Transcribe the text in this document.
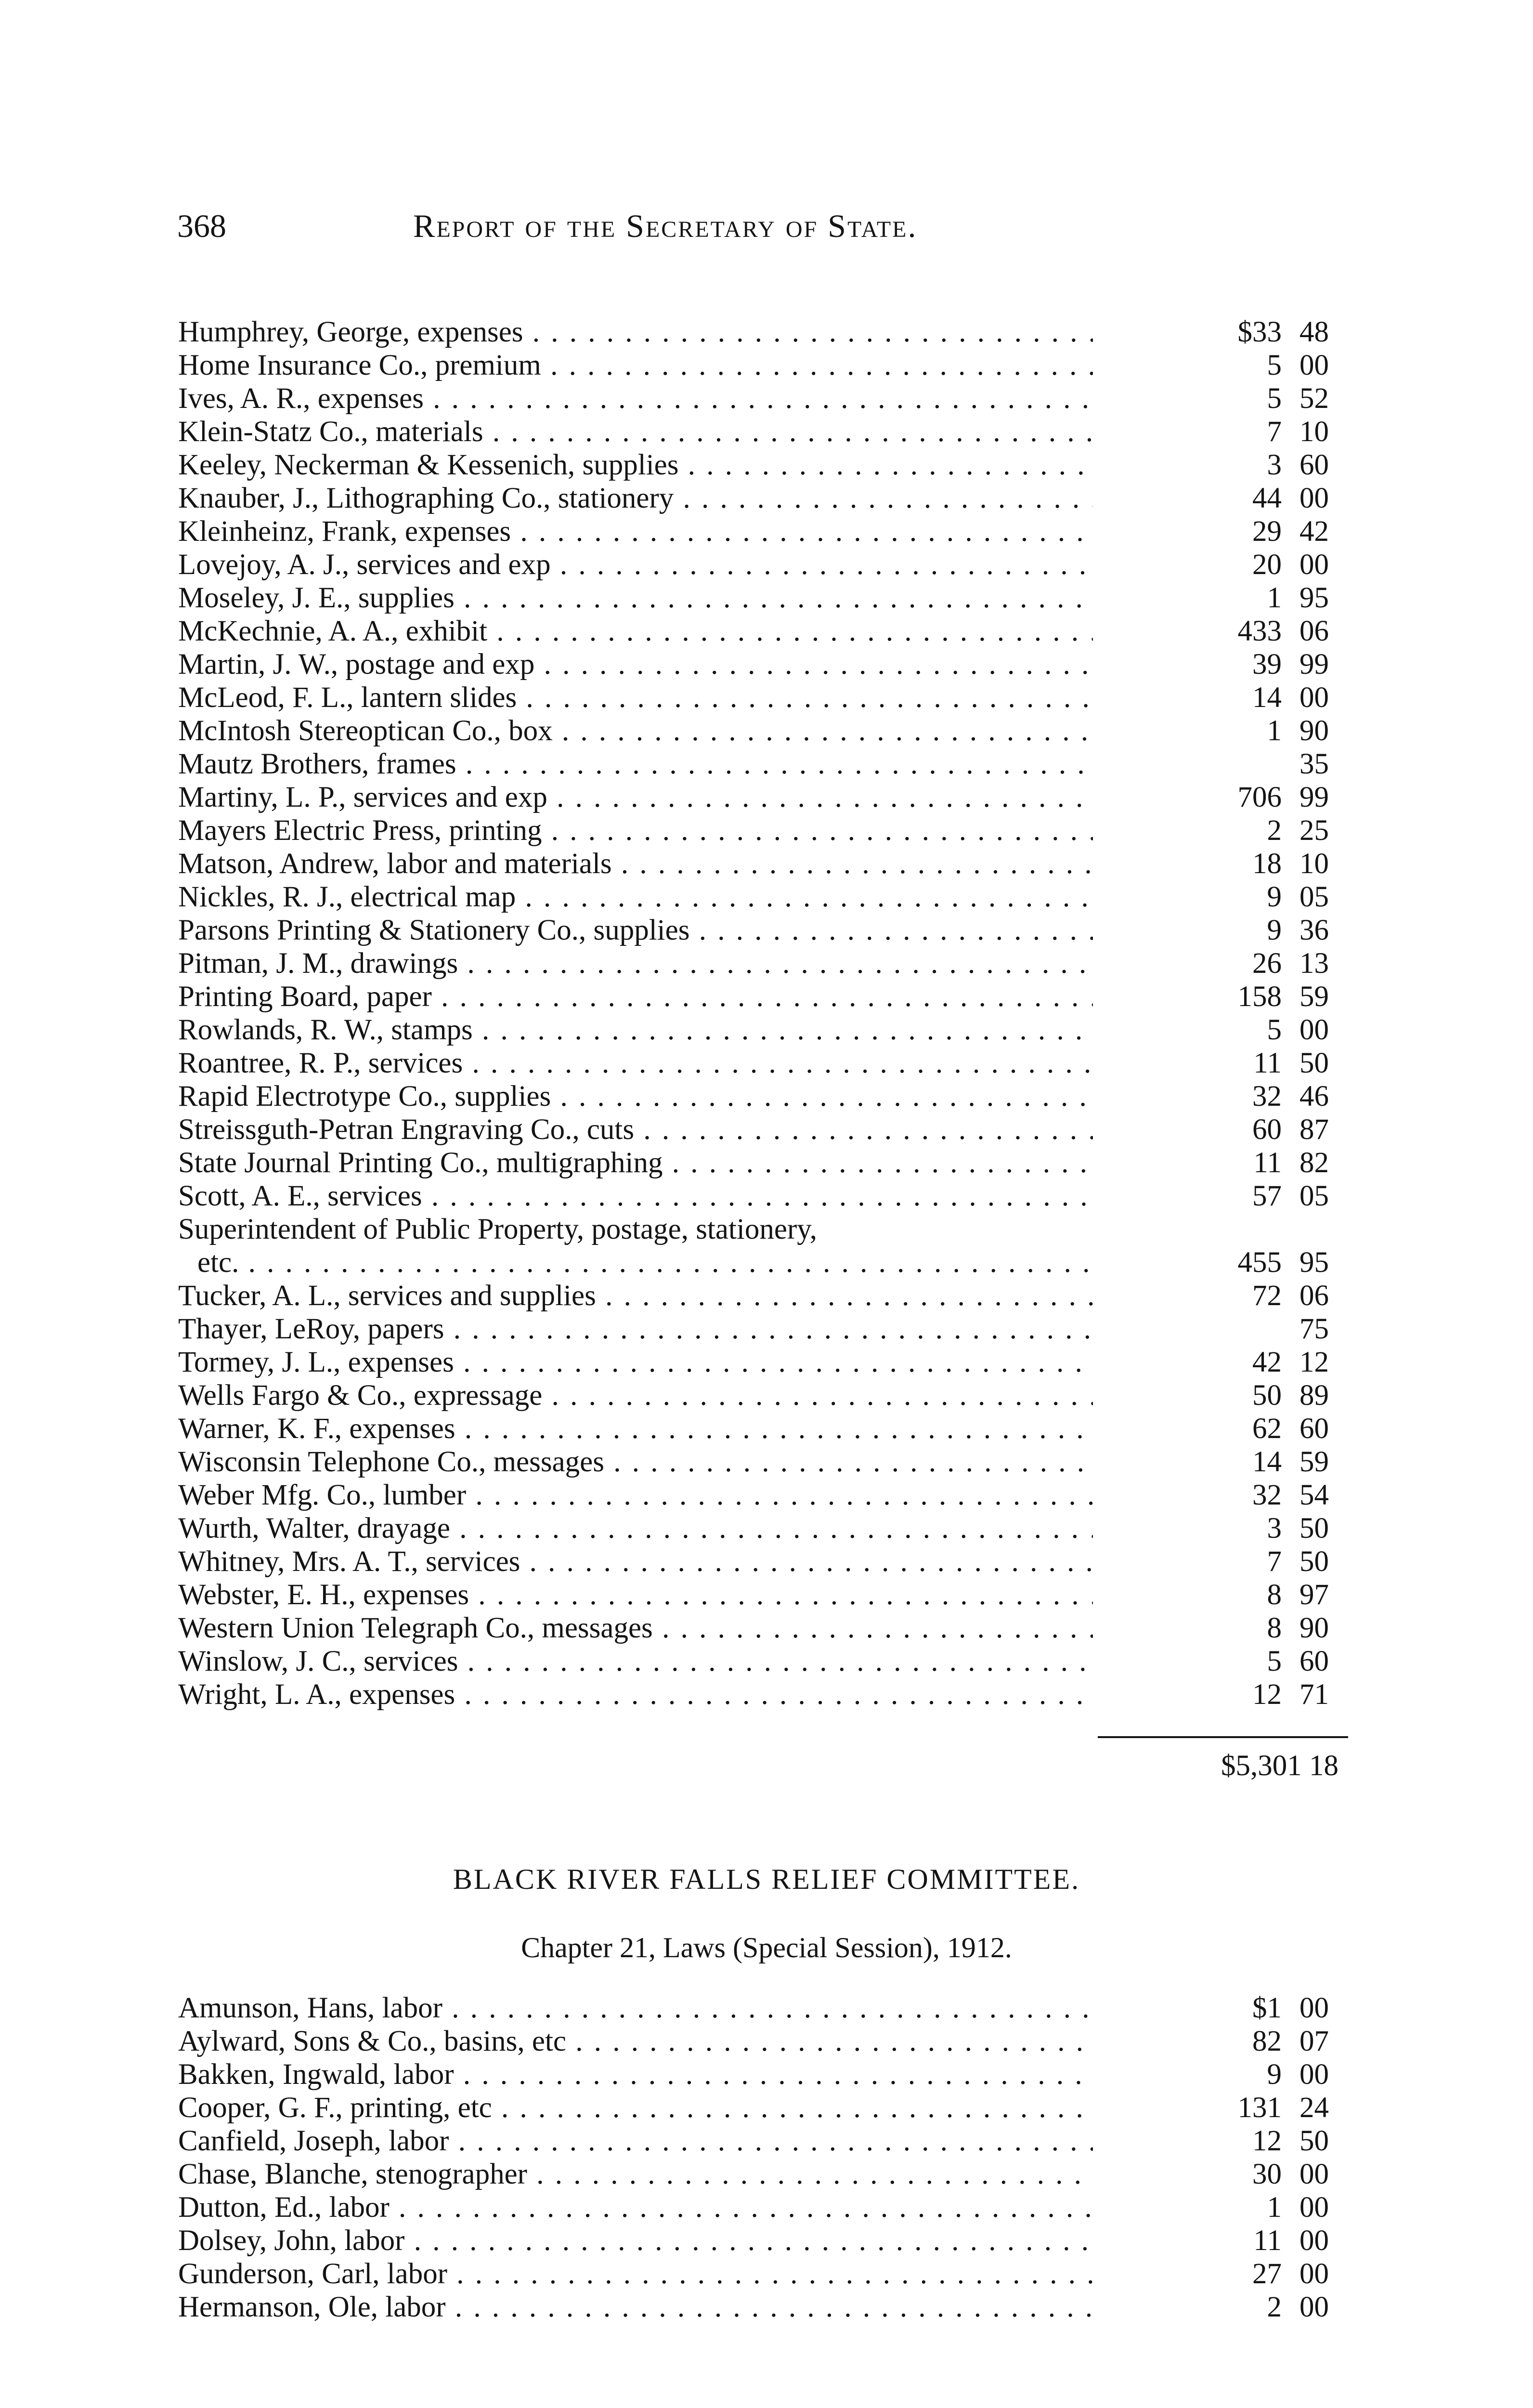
368	Report of the Secretary of State.
Humphrey, George, expenses . . .	$33 48
Home Insurance Co., premium . . .	5 00
Ives, A. R., expenses . . .	5 52
Klein-Statz Co., materials . . .	7 10
Keeley, Neckerman & Kessenich, supplies . . .	3 60
Knauber, J., Lithographing Co., stationery . . .	44 00
Kleinheinz, Frank, expenses . . .	29 42
Lovejoy, A. J., services and exp . . .	20 00
Moseley, J. E., supplies . . .	1 95
McKechnie, A. A., exhibit . . .	433 06
Martin, J. W., postage and exp . . .	39 99
McLeod, F. L., lantern slides . . .	14 00
McIntosh Stereoptican Co., box . . .	1 90
Mautz Brothers, frames . . .	35
Martiny, L. P., services and exp . . .	706 99
Mayers Electric Press, printing . . .	2 25
Matson, Andrew, labor and materials . . .	18 10
Nickles, R. J., electrical map . . .	9 05
Parsons Printing & Stationery Co., supplies . . .	9 36
Pitman, J. M., drawings . . .	26 13
Printing Board, paper . . .	158 59
Rowlands, R. W., stamps . . .	5 00
Roantree, R. P., services . . .	11 50
Rapid Electrotype Co., supplies . . .	32 46
Streissguth-Petran Engraving Co., cuts . . .	60 87
State Journal Printing Co., multigraphing . . .	11 82
Scott, A. E., services . . .	57 05
Superintendent of Public Property, postage, stationery,
etc. . . .	455 95
Tucker, A. L., services and supplies . . .	72 06
Thayer, LeRoy, papers . . .	75
Tormey, J. L., expenses . . .	42 12
Wells Fargo & Co., expressage . . .	50 89
Warner, K. F., expenses . . .	62 60
Wisconsin Telephone Co., messages . . .	14 59
Weber Mfg. Co., lumber . . .	32 54
Wurth, Walter, drayage . . .	3 50
Whitney, Mrs. A. T., services . . .	7 50
Webster, E. H., expenses . . .	8 97
Western Union Telegraph Co., messages . . .	8 90
Winslow, J. C., services . . .	5 60
Wright, L. A., expenses . . .	12 71
$5,301 18
BLACK RIVER FALLS RELIEF COMMITTEE.
Chapter 21, Laws (Special Session), 1912.
Amunson, Hans, labor . . .	$1 00
Aylward, Sons & Co., basins, etc . . .	82 07
Bakken, Ingwald, labor . . .	9 00
Cooper, G. F., printing, etc . . .	131 24
Canfield, Joseph, labor . . .	12 50
Chase, Blanche, stenographer . . .	30 00
Dutton, Ed., labor . . .	1 00
Dolsey, John, labor . . .	11 00
Gunderson, Carl, labor . . .	27 00
Hermanson, Ole, labor . . .	2 00
